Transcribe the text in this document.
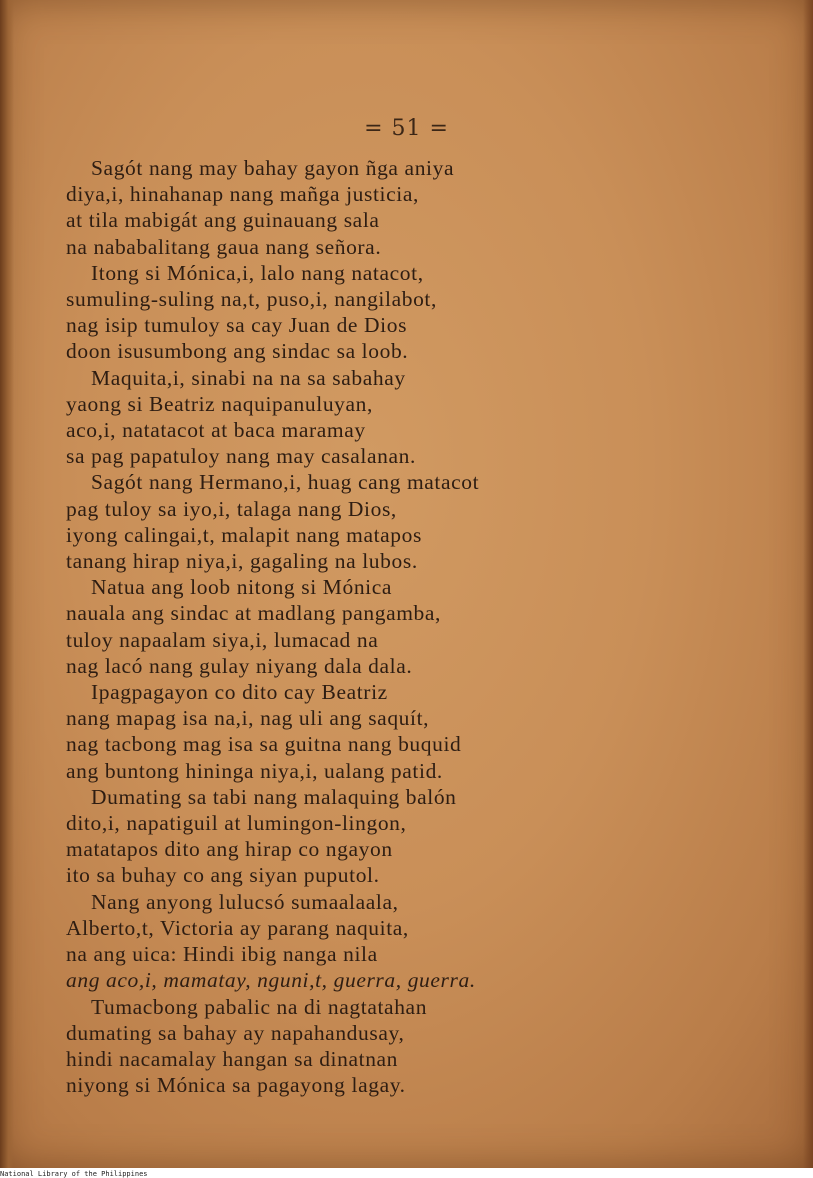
= 51 =
Sagót nang may bahay gayon ñga aniya
diya,i, hinahanap nang mañga justicia,
at tila mabigát ang guinauang sala
na nababalitang gaua nang señora.
Itong si Mónica,i, lalo nang natacot,
sumuling-suling na,t, puso,i, nangilabot,
nag isip tumuloy sa cay Juan de Dios
doon isusumbong ang sindac sa loob.
Maquita,i, sinabi na na sa sabahay
yaong si Beatriz naquipanuluyan,
aco,i, natatacot at baca maramay
sa pag papatuloy nang may casalanan.
Sagót nang Hermano,i, huag cang matacot
pag tuloy sa iyo,i, talaga nang Dios,
iyong calingai,t, malapit nang matapos
tanang hirap niya,i, gagaling na lubos.
Natua ang loob nitong si Mónica
nauala ang sindac at madlang pangamba,
tuloy napaalam siya,i, lumacad na
nag lacó nang gulay niyang dala dala.
Ipagpagayon co dito cay Beatriz
nang mapag isa na,i, nag uli ang saquít,
nag tacbong mag isa sa guitna nang buquid
ang buntong hininga niya,i, ualang patid.
Dumating sa tabi nang malaquing balón
dito,i, napatiguil at lumingon-lingon,
matatapos dito ang hirap co ngayon
ito sa buhay co ang siyan puputol.
Nang anyong lulucsó sumaalaala,
Alberto,t, Victoria ay parang naquita,
na ang uica: Hindi ibig nanga nila
ang aco,i, mamatay, nguni,t, guerra, guerra.
Tumacbong pabalic na di nagtatahan
dumating sa bahay ay napahandusay,
hindi nacamalay hangan sa dinatnan
niyong si Mónica sa pagayong lagay.
National Library of the Philippines
